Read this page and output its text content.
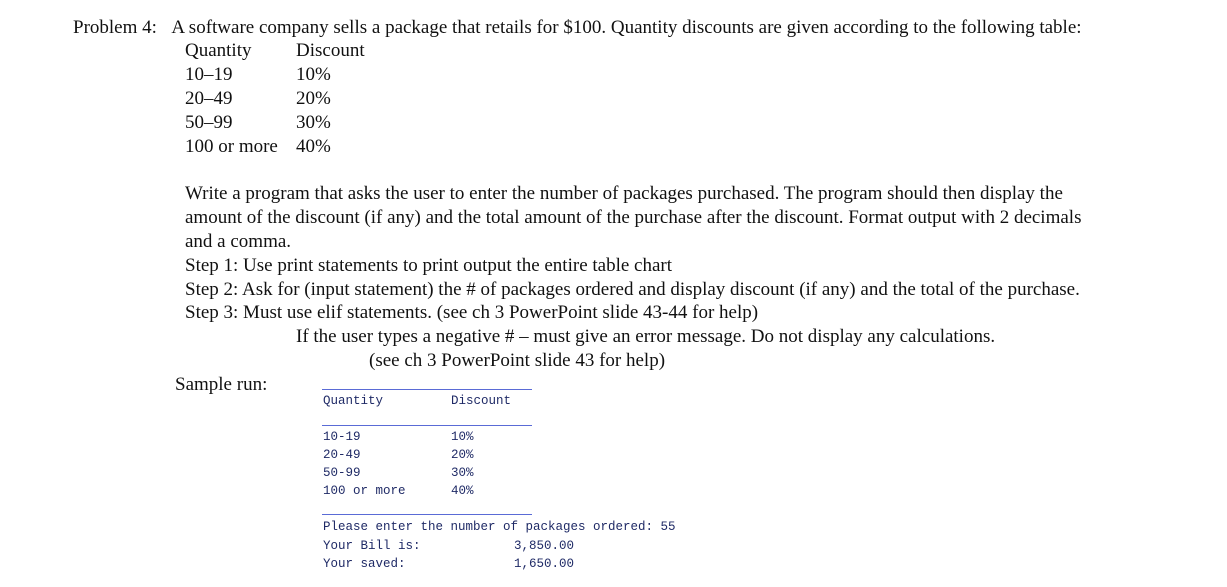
Problem 4: A software company sells a package that retails for $100. Quantity discounts are given according to the following table:
Quantity Discount
10–19	10%
20–49	20%
50–99	30%
100 or more 40%
Write a program that asks the user to enter the number of packages purchased. The program should then display the
amount of the discount (if any) and the total amount of the purchase after the discount. Format output with 2 decimals
and a comma.
Step 1: Use print statements to print output the entire table chart
Step 2: Ask for (input statement) the # of packages ordered and display discount (if any) and the total of the purchase.
Step 3: Must use elif statements. (see ch 3 PowerPoint slide 43-44 for help)
If the user types a negative # – must give an error message. Do not display any calculations.
(see ch 3 PowerPoint slide 43 for help)
Sample run:
Quantity	Discount
10-19	10%
20-49	20%
50-99	30%
100 or more	40%
Please enter the number of packages ordered: 55
Your Bill is:	3,850.00
Your saved:	1,650.00
